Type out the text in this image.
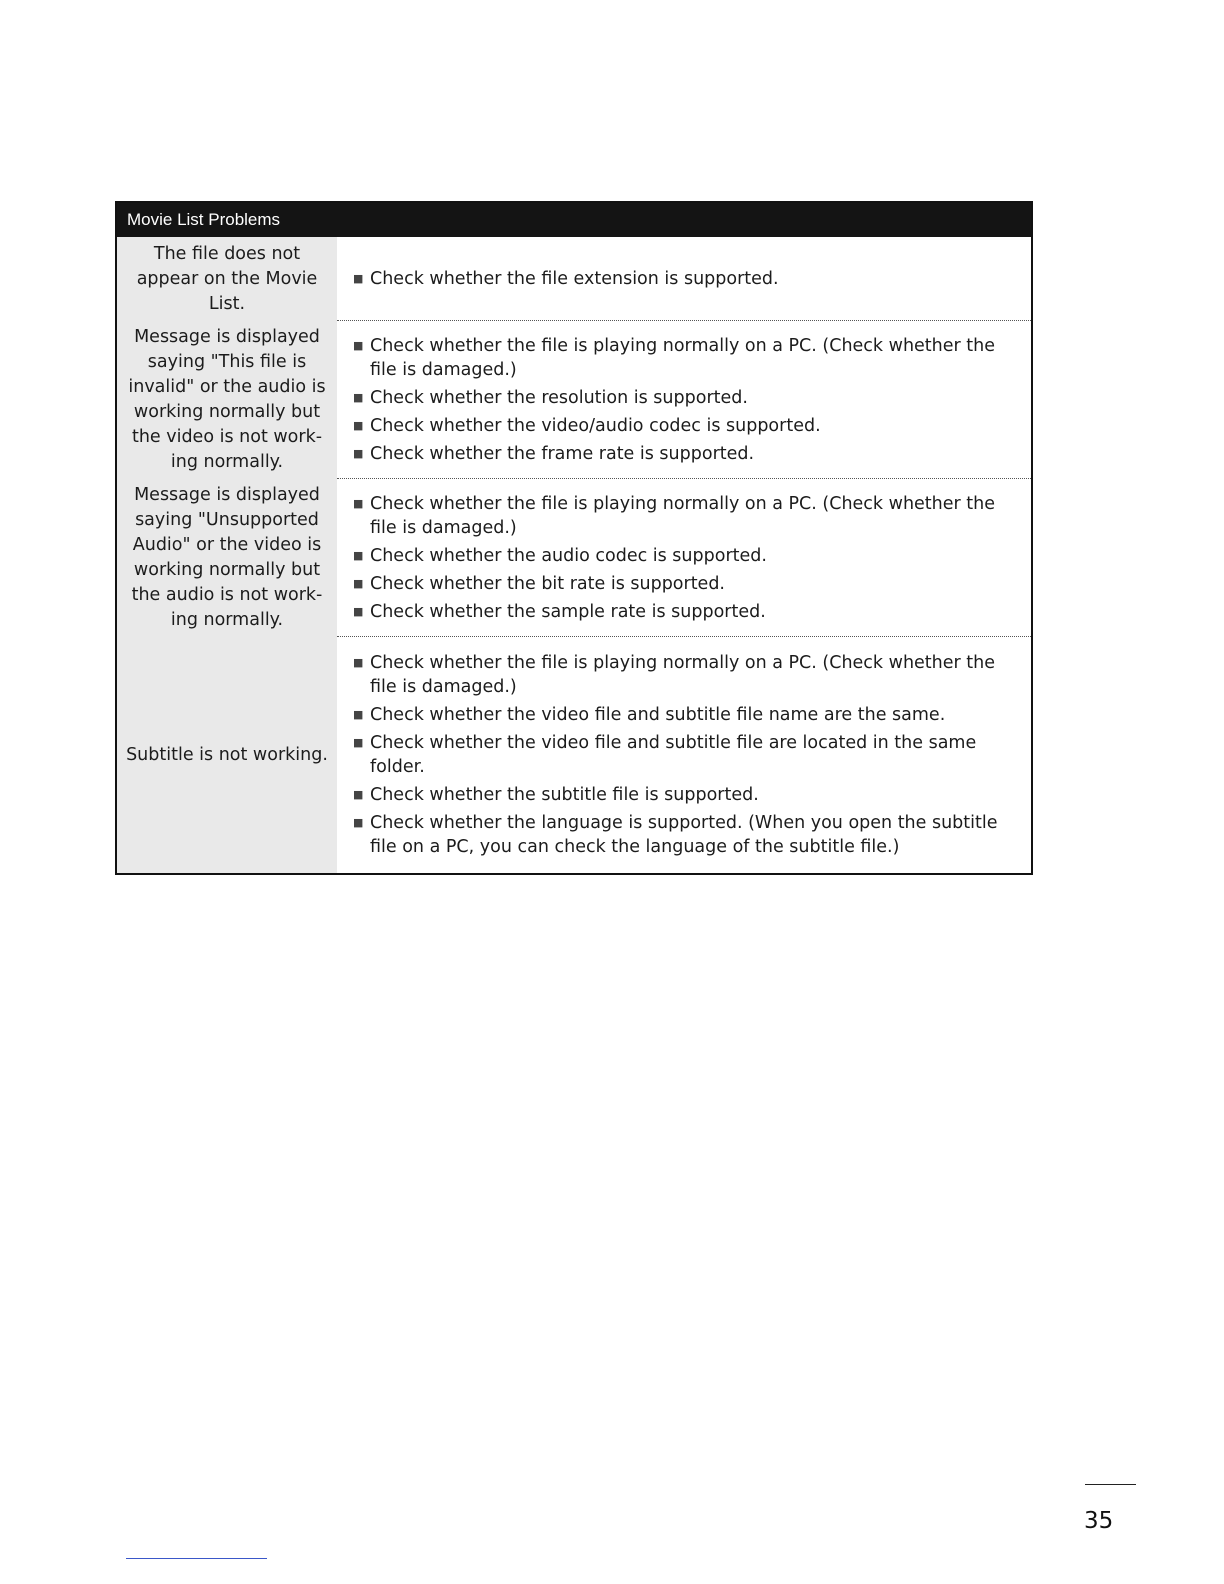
Movie List Problems
The file does not
appear on the Movie
List.
■ Check whether the file extension is supported.
Message is displayed
saying "This file is
invalid" or the audio is
working normally but
the video is not work-
ing normally.
■ Check whether the file is playing normally on a PC. (Check whether the file is damaged.)
■ Check whether the resolution is supported.
■ Check whether the video/audio codec is supported.
■ Check whether the frame rate is supported.
Message is displayed
saying "Unsupported
Audio" or the video is
working normally but
the audio is not work-
ing normally.
■ Check whether the file is playing normally on a PC. (Check whether the file is damaged.)
■ Check whether the audio codec is supported.
■ Check whether the bit rate is supported.
■ Check whether the sample rate is supported.
Subtitle is not working.
■ Check whether the file is playing normally on a PC. (Check whether the file is damaged.)
■ Check whether the video file and subtitle file name are the same.
■ Check whether the video file and subtitle file are located in the same folder.
■ Check whether the subtitle file is supported.
■ Check whether the language is supported. (When you open the subtitle file on a PC, you can check the language of the subtitle file.)
35
